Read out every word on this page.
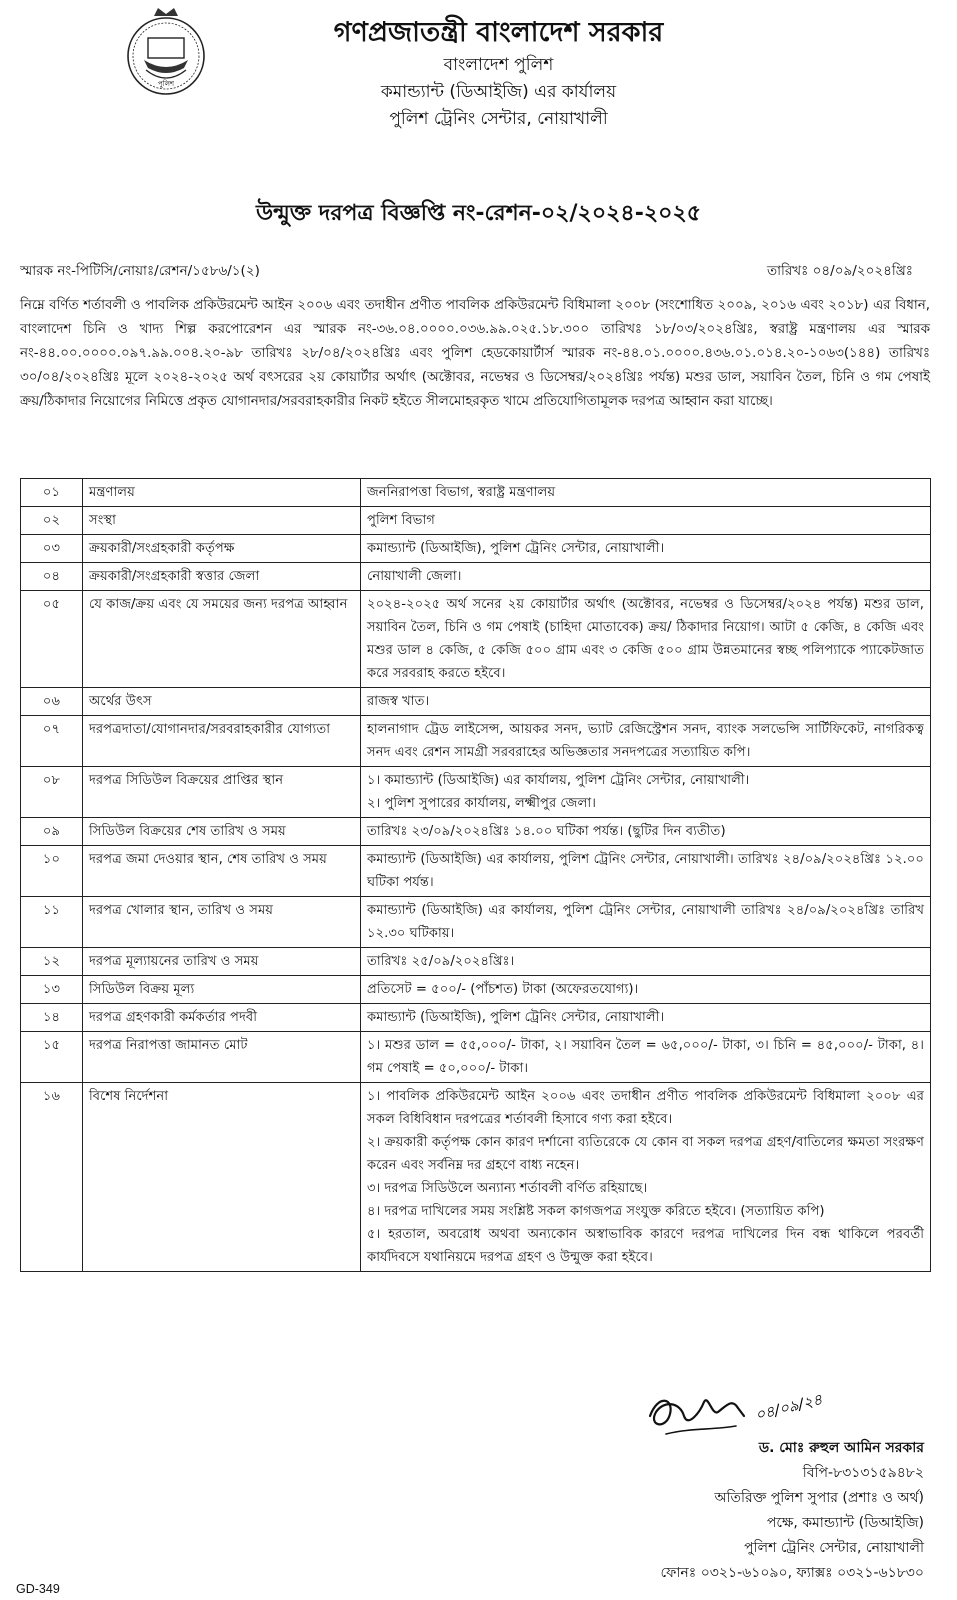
পুলিশ
গণপ্রজাতন্ত্রী বাংলাদেশ সরকার
বাংলাদেশ পুলিশ
কমান্ড্যান্ট (ডিআইজি) এর কার্যালয়
পুলিশ ট্রেনিং সেন্টার, নোয়াখালী
উন্মুক্ত দরপত্র বিজ্ঞপ্তি নং-রেশন-০২/২০২৪-২০২৫
স্মারক নং-পিটিসি/নোয়াঃ/রেশন/১৫৮৬/১(২)	তারিখঃ ০৪/০৯/২০২৪খ্রিঃ

নিম্নে বর্ণিত শর্তাবলী ও পাবলিক প্রকিউরমেন্ট আইন ২০০৬ এবং তদাধীন প্রণীত পাবলিক প্রকিউরমেন্ট বিধিমালা ২০০৮ (সংশোধিত ২০০৯, ২০১৬ এবং ২০১৮) এর বিধান, বাংলাদেশ চিনি ও খাদ্য শিল্প করপোরেশন এর স্মারক নং-৩৬.০৪.০০০০.০৩৬.৯৯.০২৫.১৮.৩০০ তারিখঃ ১৮/০৩/২০২৪খ্রিঃ, স্বরাষ্ট্র মন্ত্রণালয় এর স্মারক নং-৪৪.০০.০০০০.০৯৭.৯৯.০০৪.২০-৯৮ তারিখঃ ২৮/০৪/২০২৪খ্রিঃ এবং পুলিশ হেডকোয়ার্টার্স স্মারক নং-৪৪.০১.০০০০.৪৩৬.০১.০১৪.২০-১০৬৩(১৪৪) তারিখঃ ৩০/০৪/২০২৪খ্রিঃ মূলে ২০২৪-২০২৫ অর্থ বৎসরের ২য় কোয়ার্টার অর্থাৎ (অক্টোবর, নভেম্বর ও ডিসেম্বর/২০২৪খ্রিঃ পর্যন্ত) মশুর ডাল, সয়াবিন তৈল, চিনি ও গম পেষাই ক্রয়/ঠিকাদার নিয়োগের নিমিত্তে প্রকৃত যোগানদার/সরবরাহকারীর নিকট হইতে সীলমোহরকৃত খামে প্রতিযোগিতামূলক দরপত্র আহ্বান করা যাচ্ছে।

০১	মন্ত্রণালয়	জননিরাপত্তা বিভাগ, স্বরাষ্ট্র মন্ত্রণালয়

০২	সংস্থা	পুলিশ বিভাগ

০৩	ক্রয়কারী/সংগ্রহকারী কর্তৃপক্ষ	কমান্ড্যান্ট (ডিআইজি), পুলিশ ট্রেনিং সেন্টার, নোয়াখালী।

০৪	ক্রয়কারী/সংগ্রহকারী স্বত্তার জেলা	নোয়াখালী জেলা।

০৫	যে কাজ/ক্রয় এবং যে সময়ের জন্য দরপত্র আহ্বান	২০২৪-২০২৫ অর্থ সনের ২য় কোয়ার্টার অর্থাৎ (অক্টোবর, নভেম্বর ও ডিসেম্বর/২০২৪ পর্যন্ত) মশুর ডাল, সয়াবিন তৈল, চিনি ও গম পেষাই (চাহিদা মোতাবেক) ক্রয়/ ঠিকাদার নিয়োগ। আটা ৫ কেজি, ৪ কেজি এবং মশুর ডাল ৪ কেজি, ৫ কেজি ৫০০ গ্রাম এবং ৩ কেজি ৫০০ গ্রাম উন্নতমানের স্বচ্ছ পলিপ্যাকে প্যাকেটজাত করে সরবরাহ করতে হইবে।

০৬	অর্থের উৎস	রাজস্ব খাত।

০৭	দরপত্রদাতা/যোগানদার/সরবরাহকারীর যোগ্যতা	হালনাগাদ ট্রেড লাইসেন্স, আয়কর সনদ, ভ্যাট রেজিস্ট্রেশন সনদ, ব্যাংক সলভেন্সি সার্টিফিকেট, নাগরিকত্ব সনদ এবং রেশন সামগ্রী সরবরাহের অভিজ্ঞতার সনদপত্রের সত্যায়িত কপি।

০৮	দরপত্র সিডিউল বিক্রয়ের প্রাপ্তির স্থান	১। কমান্ড্যান্ট (ডিআইজি) এর কার্যালয়, পুলিশ ট্রেনিং সেন্টার, নোয়াখালী।
২। পুলিশ সুপারের কার্যালয়, লক্ষ্মীপুর জেলা।

০৯	সিডিউল বিক্রয়ের শেষ তারিখ ও সময়	তারিখঃ ২৩/০৯/২০২৪খ্রিঃ ১৪.০০ ঘটিকা পর্যন্ত। (ছুটির দিন ব্যতীত)

১০	দরপত্র জমা দেওয়ার স্থান, শেষ তারিখ ও সময়	কমান্ড্যান্ট (ডিআইজি) এর কার্যালয়, পুলিশ ট্রেনিং সেন্টার, নোয়াখালী। তারিখঃ ২৪/০৯/২০২৪খ্রিঃ ১২.০০ ঘটিকা পর্যন্ত।

১১	দরপত্র খোলার স্থান, তারিখ ও সময়	কমান্ড্যান্ট (ডিআইজি) এর কার্যালয়, পুলিশ ট্রেনিং সেন্টার, নোয়াখালী তারিখঃ ২৪/০৯/২০২৪খ্রিঃ তারিখ ১২.৩০ ঘটিকায়।

১২	দরপত্র মূল্যায়নের তারিখ ও সময়	তারিখঃ ২৫/০৯/২০২৪খ্রিঃ।

১৩	সিডিউল বিক্রয় মূল্য	প্রতিসেট = ৫০০/- (পাঁচশত) টাকা (অফেরতযোগ্য)।

১৪	দরপত্র গ্রহণকারী কর্মকর্তার পদবী	কমান্ড্যান্ট (ডিআইজি), পুলিশ ট্রেনিং সেন্টার, নোয়াখালী।

১৫	দরপত্র নিরাপত্তা জামানত মোট	১। মশুর ডাল = ৫৫,০০০/- টাকা, ২। সয়াবিন তৈল = ৬৫,০০০/- টাকা, ৩। চিনি = ৪৫,০০০/- টাকা, ৪। গম পেষাই = ৫০,০০০/- টাকা।

১৬	বিশেষ নির্দেশনা	১। পাবলিক প্রকিউরমেন্ট আইন ২০০৬ এবং তদাধীন প্রণীত পাবলিক প্রকিউরমেন্ট বিধিমালা ২০০৮ এর সকল বিধিবিধান দরপত্রের শর্তাবলী হিসাবে গণ্য করা হইবে।
২। ক্রয়কারী কর্তৃপক্ষ কোন কারণ দর্শানো ব্যতিরেকে যে কোন বা সকল দরপত্র গ্রহণ/বাতিলের ক্ষমতা সংরক্ষণ করেন এবং সর্বনিম্ন দর গ্রহণে বাধ্য নহেন।
৩। দরপত্র সিডিউলে অন্যান্য শর্তাবলী বর্ণিত রহিয়াছে।
৪। দরপত্র দাখিলের সময় সংশ্লিষ্ট সকল কাগজপত্র সংযুক্ত করিতে হইবে। (সত্যায়িত কপি)
৫। হরতাল, অবরোধ অথবা অন্যকোন অস্বাভাবিক কারণে দরপত্র দাখিলের দিন বন্ধ থাকিলে পরবর্তী কার্যদিবসে যথানিয়মে দরপত্র গ্রহণ ও উন্মুক্ত করা হইবে।
০৪/০৯/২৪
ড. মোঃ রুহুল আমিন সরকার
বিপি-৮৩১৩১৫৯৪৮২
অতিরিক্ত পুলিশ সুপার (প্রশাঃ ও অর্থ)
পক্ষে, কমান্ড্যান্ট (ডিআইজি)
পুলিশ ট্রেনিং সেন্টার, নোয়াখালী
ফোনঃ ০৩২১-৬১০৯০, ফ্যাক্সঃ ০৩২১-৬১৮৩০
GD-349
